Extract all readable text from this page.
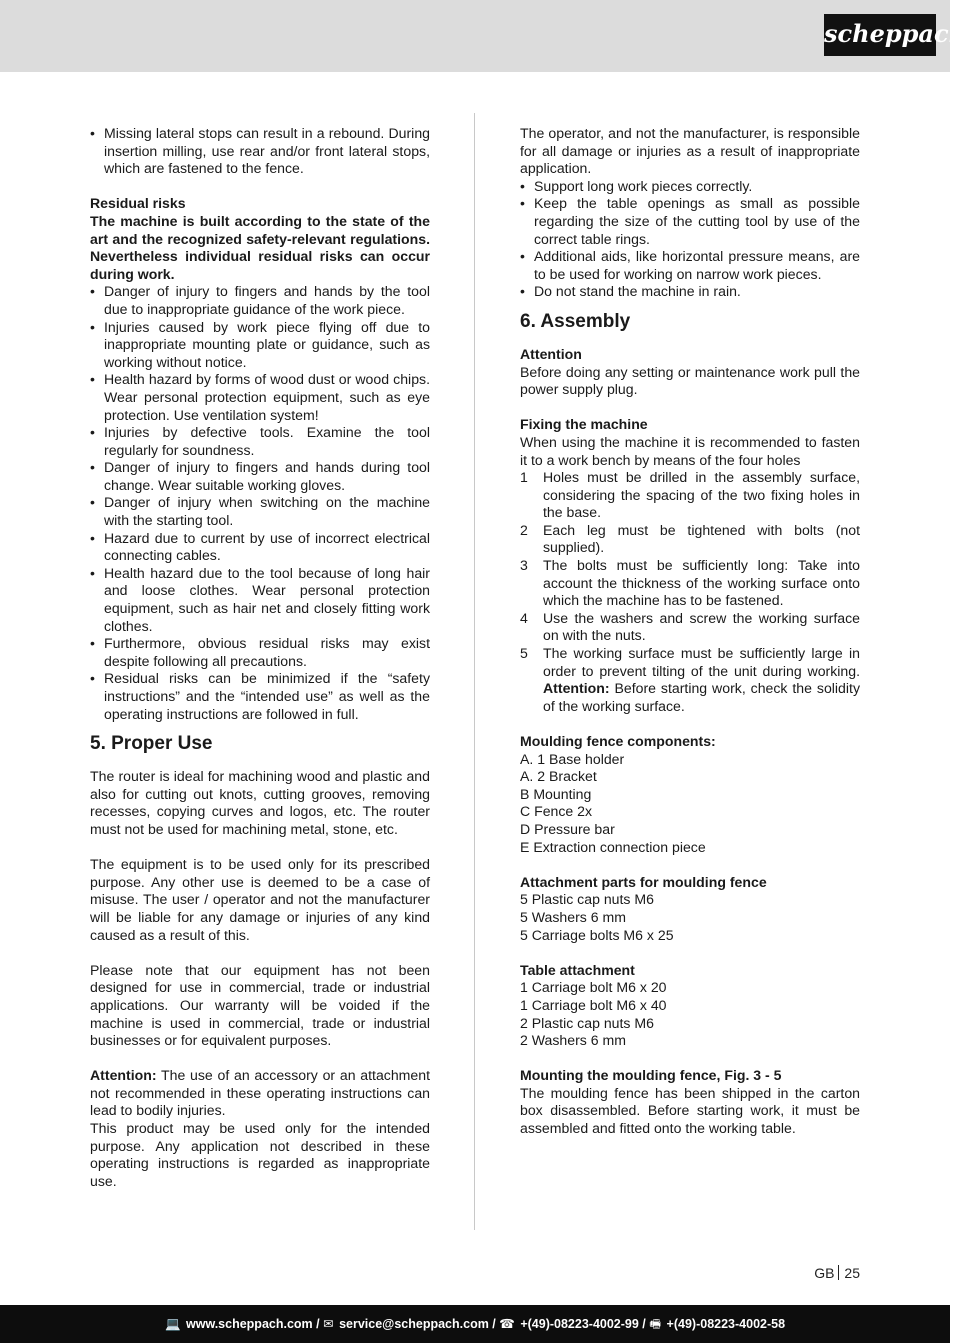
scheppach
• Missing lateral stops can result in a rebound. During insertion milling, use rear and/or front lateral stops, which are fastened to the fence.
Residual risks
The machine is built according to the state of the art and the recognized safety-relevant regulations. Nevertheless individual residual risks can occur during work.
• Danger of injury to fingers and hands by the tool due to inappropriate guidance of the work piece.
• Injuries caused by work piece flying off due to inappropriate mounting plate or guidance, such as working without notice.
• Health hazard by forms of wood dust or wood chips. Wear personal protection equipment, such as eye protection. Use ventilation system!
• Injuries by defective tools. Examine the tool regularly for soundness.
• Danger of injury to fingers and hands during tool change. Wear suitable working gloves.
• Danger of injury when switching on the machine with the starting tool.
• Hazard due to current by use of incorrect electrical connecting cables.
• Health hazard due to the tool because of long hair and loose clothes. Wear personal protection equipment, such as hair net and closely fitting work clothes.
• Furthermore, obvious residual risks may exist despite following all precautions.
• Residual risks can be minimized if the “safety instructions” and the “intended use” as well as the operating instructions are followed in full.
5. Proper Use
The router is ideal for machining wood and plastic and also for cutting out knots, cutting grooves, removing recesses, copying curves and logos, etc. The router must not be used for machining metal, stone, etc.
The equipment is to be used only for its prescribed purpose. Any other use is deemed to be a case of misuse. The user / operator and not the manufacturer will be liable for any damage or injuries of any kind caused as a result of this.
Please note that our equipment has not been designed for use in commercial, trade or industrial applications. Our warranty will be voided if the machine is used in commercial, trade or industrial businesses or for equivalent purposes.
Attention: The use of an accessory or an attachment not recommended in these operating instructions can lead to bodily injuries.
This product may be used only for the intended purpose. Any application not described in these operating instructions is regarded as inappropriate use.
The operator, and not the manufacturer, is responsible for all damage or injuries as a result of inappropriate application.
• Support long work pieces correctly.
• Keep the table openings as small as possible regarding the size of the cutting tool by use of the correct table rings.
• Additional aids, like horizontal pressure means, are to be used for working on narrow work pieces.
• Do not stand the machine in rain.
6. Assembly
Attention
Before doing any setting or maintenance work pull the power supply plug.
Fixing the machine
When using the machine it is recommended to fasten it to a work bench by means of the four holes
1 Holes must be drilled in the assembly surface, considering the spacing of the two fixing holes in the base.
2 Each leg must be tightened with bolts (not supplied).
3 The bolts must be sufficiently long: Take into account the thickness of the working surface onto which the machine has to be fastened.
4 Use the washers and screw the working surface on with the nuts.
5 The working surface must be sufficiently large in order to prevent tilting of the unit during working. Attention: Before starting work, check the solidity of the working surface.
Moulding fence components:
A. 1 Base holder
A. 2 Bracket
B Mounting
C Fence 2x
D Pressure bar
E Extraction connection piece
Attachment parts for moulding fence
5 Plastic cap nuts M6
5 Washers 6 mm
5 Carriage bolts M6 x 25
Table attachment
1 Carriage bolt M6 x 20
1 Carriage bolt M6 x 40
2 Plastic cap nuts M6
2 Washers 6 mm
Mounting the moulding fence, Fig. 3 - 5
The moulding fence has been shipped in the carton box disassembled. Before starting work, it must be assembled and fitted onto the working table.
GB 25
💻 www.scheppach.com / ✉ service@scheppach.com / ☎ +(49)-08223-4002-99 / 🖷 +(49)-08223-4002-58
